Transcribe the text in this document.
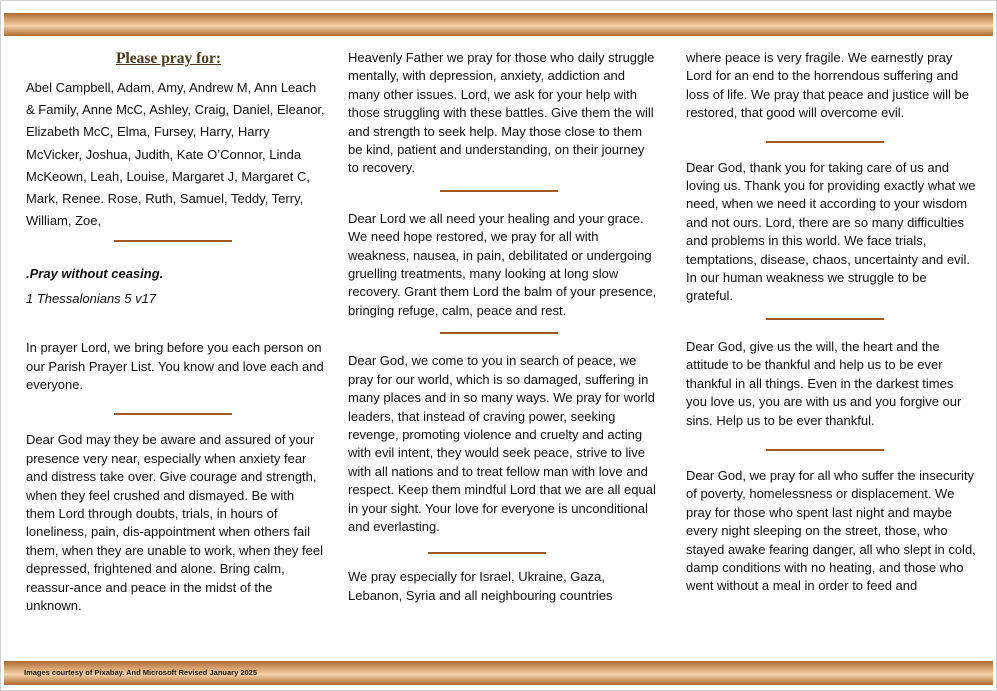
Please pray for:

Abel Campbell, Adam, Amy, Andrew M, Ann Leach & Family, Anne McC, Ashley, Craig, Daniel, Eleanor, Elizabeth McC, Elma, Fursey, Harry, Harry McVicker, Joshua, Judith, Kate O’Connor, Linda McKeown, Leah, Louise, Margaret J, Margaret C, Mark, Renee. Rose, Ruth, Samuel, Teddy, Terry, William, Zoe,

.Pray without ceasing.

1 Thessalonians 5 v17

In prayer Lord, we bring before you each person on our Parish Prayer List. You know and love each and everyone.

Dear God may they be aware and assured of your presence very near, especially when anxiety fear and distress take over. Give courage and strength, when they feel crushed and dismayed. Be with them Lord through doubts, trials, in hours of loneliness, pain, dis-appointment when others fail them, when they are unable to work, when they feel depressed, frightened and alone. Bring calm, reassur-ance and peace in the midst of the unknown.

Heavenly Father we pray for those who daily struggle mentally, with depression, anxiety, addiction and many other issues. Lord, we ask for your help with those struggling with these battles. Give them the will and strength to seek help. May those close to them be kind, patient and understanding, on their journey to recovery.

Dear Lord we all need your healing and your grace. We need hope restored, we pray for all with weakness, nausea, in pain, debilitated or undergoing gruelling treatments, many looking at long slow recovery. Grant them Lord the balm of your presence, bringing refuge, calm, peace and rest.

Dear God, we come to you in search of peace, we pray for our world, which is so damaged, suffering in many places and in so many ways. We pray for world leaders, that instead of craving power, seeking revenge, promoting violence and cruelty and acting with evil intent, they would seek peace, strive to live with all nations and to treat fellow man with love and respect. Keep them mindful Lord that we are all equal in your sight. Your love for everyone is unconditional and everlasting.

We pray especially for Israel, Ukraine, Gaza, Lebanon, Syria and all neighbouring countries

where peace is very fragile. We earnestly pray Lord for an end to the horrendous suffering and loss of life. We pray that peace and justice will be restored, that good will overcome evil.

Dear God, thank you for taking care of us and loving us. Thank you for providing exactly what we need, when we need it according to your wisdom and not ours. Lord, there are so many difficulties and problems in this world. We face trials, temptations, disease, chaos, uncertainty and evil. In our human weakness we struggle to be grateful.

Dear God, give us the will, the heart and the attitude to be thankful and help us to be ever thankful in all things. Even in the darkest times you love us, you are with us and you forgive our sins. Help us to be ever thankful.

Dear God, we pray for all who suffer the insecurity of poverty, homelessness or displacement. We pray for those who spent last night and maybe every night sleeping on the street, those, who stayed awake fearing danger, all who slept in cold, damp conditions with no heating, and those who went without a meal in order to feed and

Images courtesy of Pixabay. And Microsoft Revised January 2025
